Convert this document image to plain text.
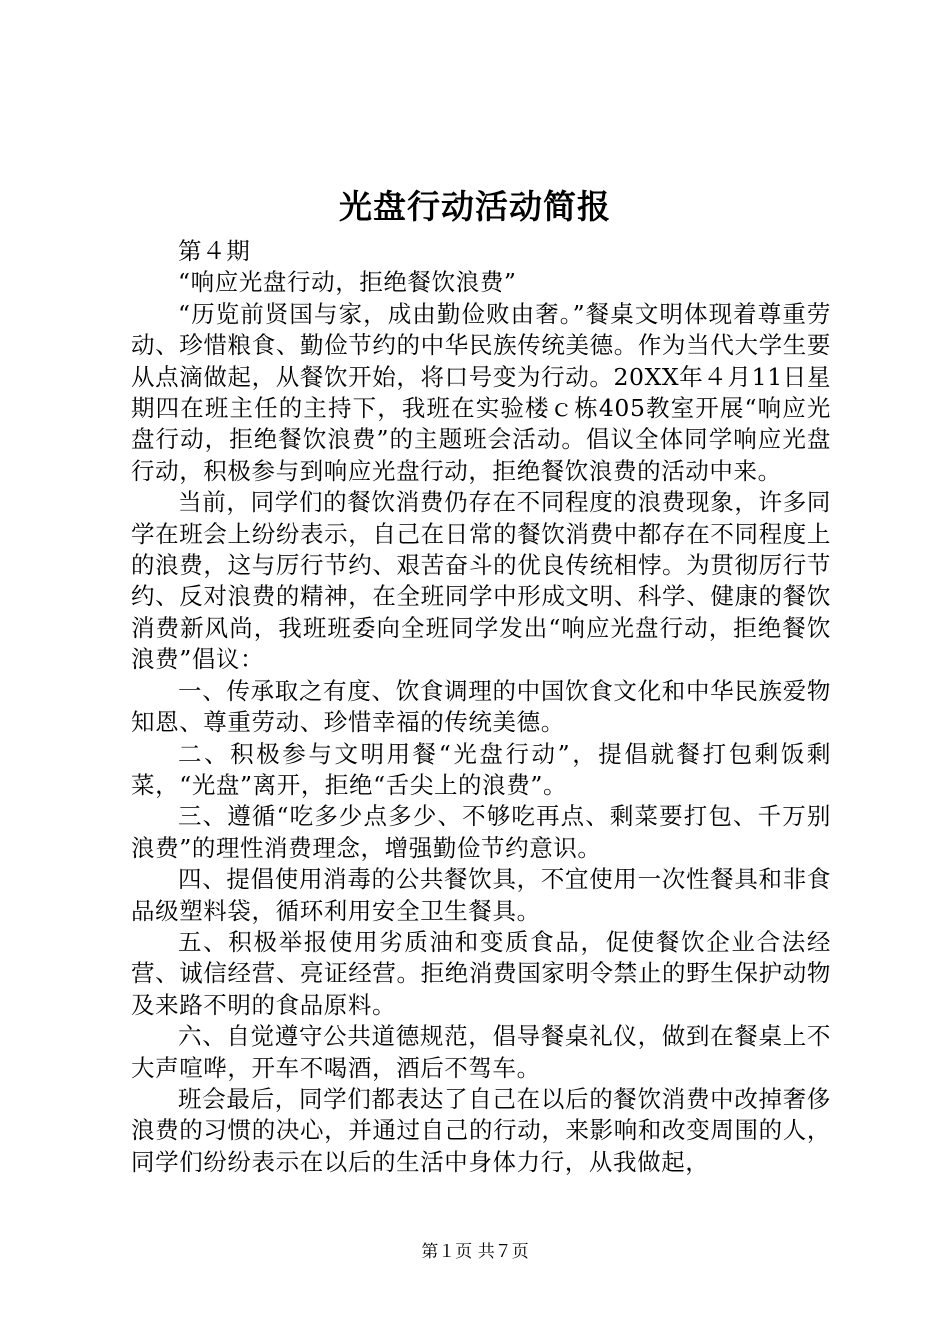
光盘行动活动简报

第４期

“响应光盘行动，拒绝餐饮浪费”

“历览前贤国与家，成由勤俭败由奢。”餐桌文明体现着尊重劳动、珍惜粮食、勤俭节约的中华民族传统美德。作为当代大学生要从点滴做起，从餐饮开始，将口号变为行动。20XX年４月11日星期四在班主任的主持下，我班在实验楼ｃ栋405教室开展“响应光盘行动，拒绝餐饮浪费”的主题班会活动。倡议全体同学响应光盘行动，积极参与到响应光盘行动，拒绝餐饮浪费的活动中来。

当前，同学们的餐饮消费仍存在不同程度的浪费现象，许多同学在班会上纷纷表示，自己在日常的餐饮消费中都存在不同程度上的浪费，这与厉行节约、艰苦奋斗的优良传统相悖。为贯彻厉行节约、反对浪费的精神，在全班同学中形成文明、科学、健康的餐饮消费新风尚，我班班委向全班同学发出“响应光盘行动，拒绝餐饮浪费”倡议：

一、传承取之有度、饮食调理的中国饮食文化和中华民族爱物知恩、尊重劳动、珍惜幸福的传统美德。

二、积极参与文明用餐“光盘行动”，提倡就餐打包剩饭剩菜，“光盘”离开，拒绝“舌尖上的浪费”。

三、遵循“吃多少点多少、不够吃再点、剩菜要打包、千万别浪费”的理性消费理念，增强勤俭节约意识。

四、提倡使用消毒的公共餐饮具，不宜使用一次性餐具和非食品级塑料袋，循环利用安全卫生餐具。

五、积极举报使用劣质油和变质食品，促使餐饮企业合法经营、诚信经营、亮证经营。拒绝消费国家明令禁止的野生保护动物及来路不明的食品原料。

六、自觉遵守公共道德规范，倡导餐桌礼仪，做到在餐桌上不大声喧哗，开车不喝酒，酒后不驾车。

班会最后，同学们都表达了自己在以后的餐饮消费中改掉奢侈浪费的习惯的决心，并通过自己的行动，来影响和改变周围的人，同学们纷纷表示在以后的生活中身体力行，从我做起，

第１页 共７页
